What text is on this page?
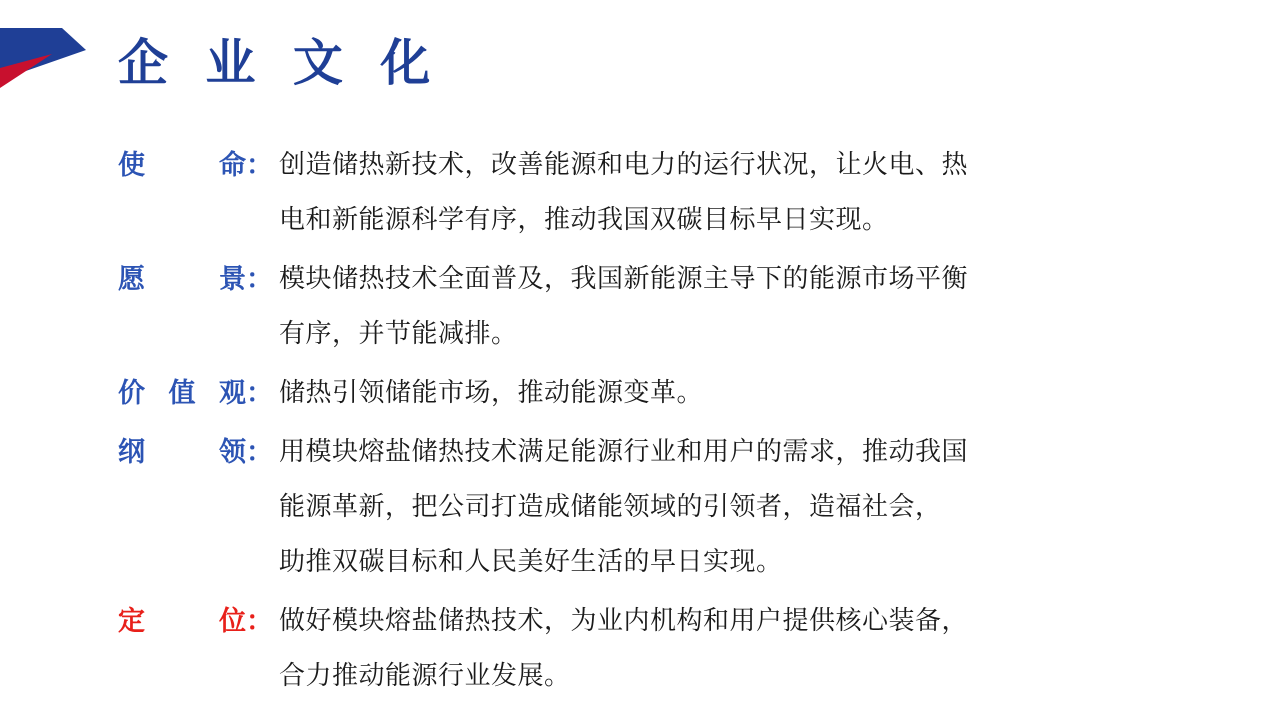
企 业 文 化
使命 ： 创造储热新技术，改善能源和电力的运行状况，让火电、热
电和新能源科学有序，推动我国双碳目标早日实现。
愿景 ： 模块储热技术全面普及，我国新能源主导下的能源市场平衡
有序，并节能减排。
价值观 ： 储热引领储能市场，推动能源变革。
纲领 ： 用模块熔盐储热技术满足能源行业和用户的需求，推动我国
能源革新，把公司打造成储能领域的引领者，造福社会，
助推双碳目标和人民美好生活的早日实现。
定位 ： 做好模块熔盐储热技术，为业内机构和用户提供核心装备，
合力推动能源行业发展。
